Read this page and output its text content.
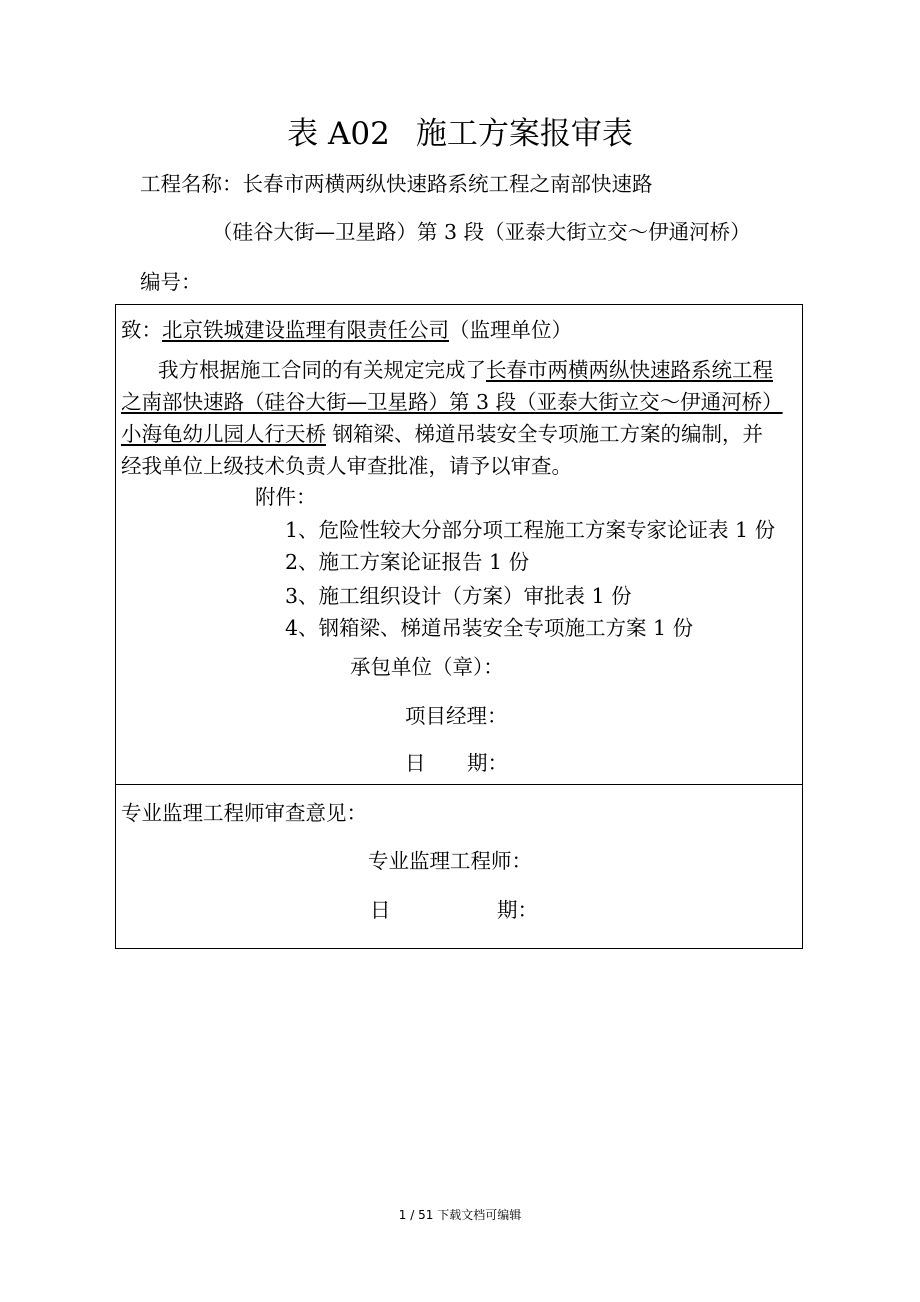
表 A02 施工方案报审表
工程名称：长春市两横两纵快速路系统工程之南部快速路
（硅谷大街—卫星路）第 3 段（亚泰大街立交～伊通河桥）
编号：
致：北京铁城建设监理有限责任公司（监理单位）
我方根据施工合同的有关规定完成了长春市两横两纵快速路系统工程
之南部快速路（硅谷大街—卫星路）第 3 段（亚泰大街立交～伊通河桥）
小海龟幼儿园人行天桥 钢箱梁、梯道吊装安全专项施工方案的编制，并
经我单位上级技术负责人审查批准，请予以审查。
附件：
1、危险性较大分部分项工程施工方案专家论证表 1 份
2、施工方案论证报告 1 份
3、施工组织设计（方案）审批表 1 份
4、钢箱梁、梯道吊装安全专项施工方案 1 份
承包单位（章）：
项目经理：
日 期：
专业监理工程师审查意见：
专业监理工程师：
日	期：
1 / 51 下载文档可编辑
